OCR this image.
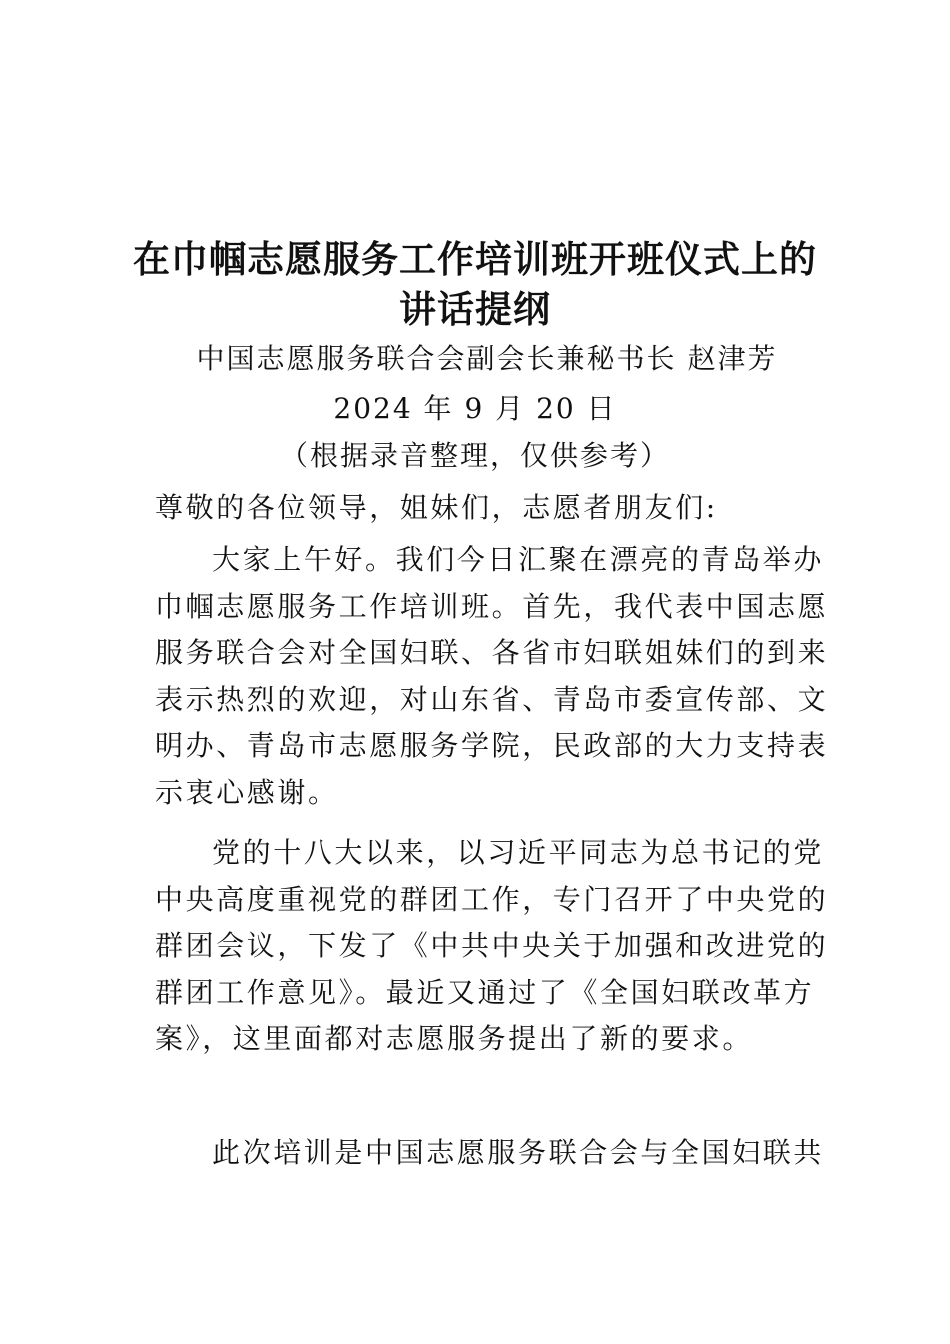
在巾帼志愿服务工作培训班开班仪式上的
讲话提纲
中国志愿服务联合会副会长兼秘书长 赵津芳
2024 年 9 月 20 日
（根据录音整理，仅供参考）
尊敬的各位领导，姐妹们，志愿者朋友们:
大家上午好。我们今日汇聚在漂亮的青岛举办
巾帼志愿服务工作培训班。首先，我代表中国志愿
服务联合会对全国妇联、各省市妇联姐妹们的到来
表示热烈的欢迎，对山东省、青岛市委宣传部、文
明办、青岛市志愿服务学院，民政部的大力支持表
示衷心感谢。
党的十八大以来，以习近平同志为总书记的党
中央高度重视党的群团工作，专门召开了中央党的
群团会议，下发了《中共中央关于加强和改进党的
群团工作意见》。最近又通过了《全国妇联改革方
案》，这里面都对志愿服务提出了新的要求。
此次培训是中国志愿服务联合会与全国妇联共
